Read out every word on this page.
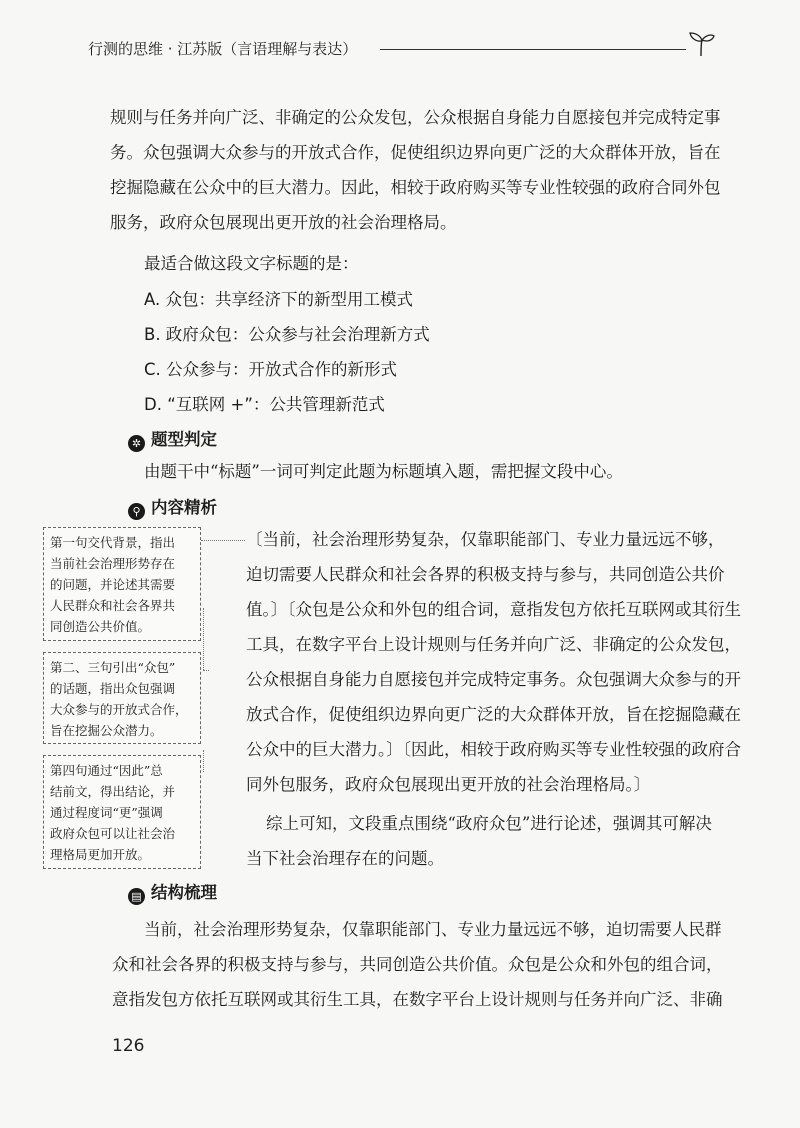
行测的思维 · 江苏版（言语理解与表达）
规则与任务并向广泛、非确定的公众发包，公众根据自身能力自愿接包并完成特定事
务。众包强调大众参与的开放式合作，促使组织边界向更广泛的大众群体开放，旨在
挖掘隐藏在公众中的巨大潜力。因此，相较于政府购买等专业性较强的政府合同外包
服务，政府众包展现出更开放的社会治理格局。

最适合做这段文字标题的是：

A. 众包：共享经济下的新型用工模式

B. 政府众包：公众参与社会治理新方式

C. 公众参与：开放式合作的新形式

D. “互联网 +”：公共管理新范式

✲ 题型判定

由题干中“标题”一词可判定此题为标题填入题，需把握文段中心。

⚲ 内容精析
第一句交代背景，指出
当前社会治理形势存在
的问题，并论述其需要
人民群众和社会各界共
同创造公共价值。
第二、三句引出“众包”
的话题，指出众包强调
大众参与的开放式合作，
旨在挖掘公众潜力。
第四句通过“因此”总
结前文，得出结论，并
通过程度词“更”强调
政府众包可以让社会治
理格局更加开放。
〔当前，社会治理形势复杂，仅靠职能部门、专业力量远远不够，
迫切需要人民群众和社会各界的积极支持与参与，共同创造公共价
值。〕〔众包是公众和外包的组合词，意指发包方依托互联网或其衍生
工具，在数字平台上设计规则与任务并向广泛、非确定的公众发包，
公众根据自身能力自愿接包并完成特定事务。众包强调大众参与的开
放式合作，促使组织边界向更广泛的大众群体开放，旨在挖掘隐藏在
公众中的巨大潜力。〕〔因此，相较于政府购买等专业性较强的政府合
同外包服务，政府众包展现出更开放的社会治理格局。〕
综上可知，文段重点围绕“政府众包”进行论述，强调其可解决
当下社会治理存在的问题。
▤ 结构梳理
当前，社会治理形势复杂，仅靠职能部门、专业力量远远不够，迫切需要人民群
众和社会各界的积极支持与参与，共同创造公共价值。众包是公众和外包的组合词，
意指发包方依托互联网或其衍生工具，在数字平台上设计规则与任务并向广泛、非确
126
